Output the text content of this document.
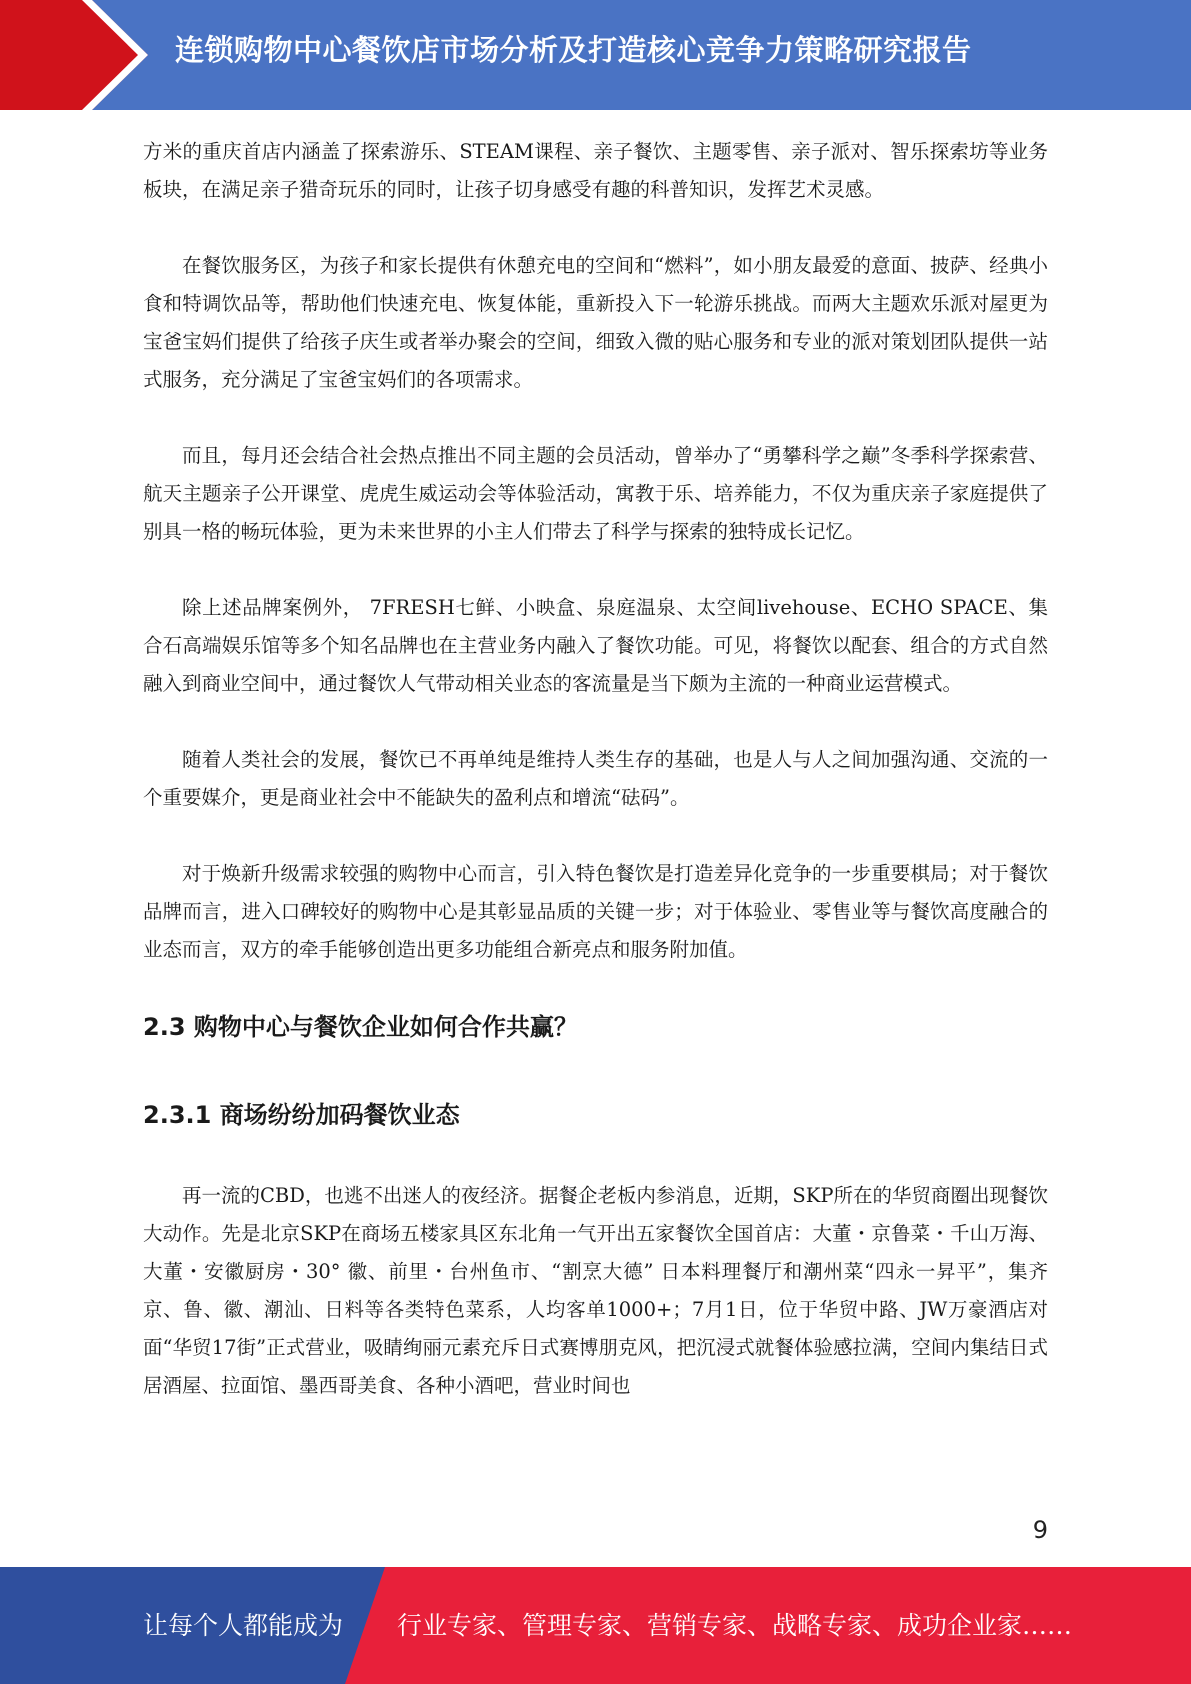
连锁购物中心餐饮店市场分析及打造核心竞争力策略研究报告

方米的重庆首店内涵盖了探索游乐、STEAM课程、亲子餐饮、主题零售、亲子派对、智乐探索坊等业务板块，在满足亲子猎奇玩乐的同时，让孩子切身感受有趣的科普知识，发挥艺术灵感。

在餐饮服务区，为孩子和家长提供有休憩充电的空间和“燃料”，如小朋友最爱的意面、披萨、经典小食和特调饮品等，帮助他们快速充电、恢复体能，重新投入下一轮游乐挑战。而两大主题欢乐派对屋更为宝爸宝妈们提供了给孩子庆生或者举办聚会的空间，细致入微的贴心服务和专业的派对策划团队提供一站式服务，充分满足了宝爸宝妈们的各项需求。

而且，每月还会结合社会热点推出不同主题的会员活动，曾举办了“勇攀科学之巅”冬季科学探索营、航天主题亲子公开课堂、虎虎生威运动会等体验活动，寓教于乐、培养能力，不仅为重庆亲子家庭提供了别具一格的畅玩体验，更为未来世界的小主人们带去了科学与探索的独特成长记忆。

除上述品牌案例外， 7FRESH七鲜、小映盒、泉庭温泉、太空间livehouse、ECHO SPACE、集合石高端娱乐馆等多个知名品牌也在主营业务内融入了餐饮功能。可见，将餐饮以配套、组合的方式自然融入到商业空间中，通过餐饮人气带动相关业态的客流量是当下颇为主流的一种商业运营模式。

随着人类社会的发展，餐饮已不再单纯是维持人类生存的基础，也是人与人之间加强沟通、交流的一个重要媒介，更是商业社会中不能缺失的盈利点和增流“砝码”。

对于焕新升级需求较强的购物中心而言，引入特色餐饮是打造差异化竞争的一步重要棋局；对于餐饮品牌而言，进入口碑较好的购物中心是其彰显品质的关键一步；对于体验业、零售业等与餐饮高度融合的业态而言，双方的牵手能够创造出更多功能组合新亮点和服务附加值。

2.3 购物中心与餐饮企业如何合作共赢？
2.3.1 商场纷纷加码餐饮业态

再一流的CBD，也逃不出迷人的夜经济。据餐企老板内参消息，近期，SKP所在的华贸商圈出现餐饮大动作。先是北京SKP在商场五楼家具区东北角一气开出五家餐饮全国首店：大董・京鲁菜・千山万海、大董・安徽厨房・30° 徽、前里・台州鱼市、“割烹大德” 日本料理餐厅和潮州菜“四永一昇平”，集齐京、鲁、徽、潮汕、日料等各类特色菜系，人均客单1000+；7月1日，位于华贸中路、JW万豪酒店对面“华贸17街”正式营业，吸睛绚丽元素充斥日式赛博朋克风，把沉浸式就餐体验感拉满，空间内集结日式居酒屋、拉面馆、墨西哥美食、各种小酒吧，营业时间也

9
让每个人都能成为 行业专家、管理专家、营销专家、战略专家、成功企业家……
